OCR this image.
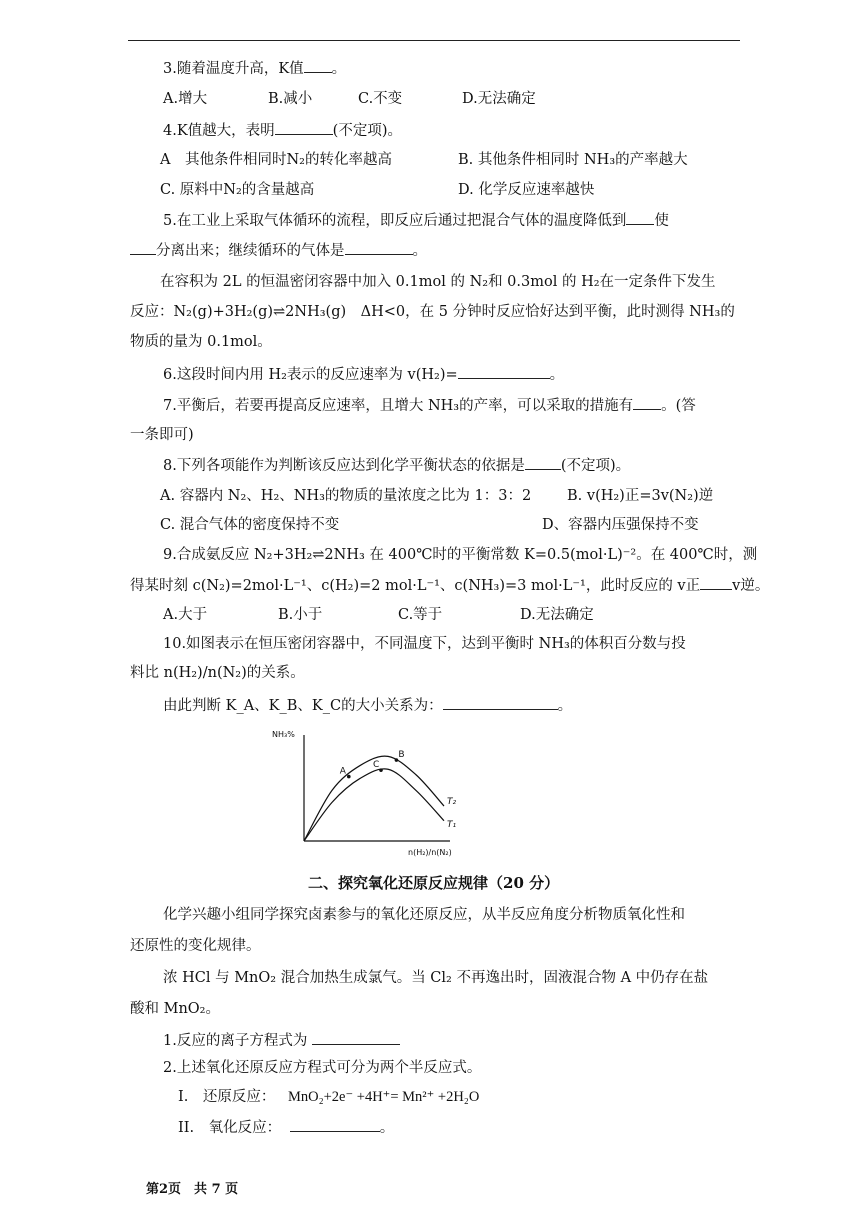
3.随着温度升高，K值 。
A.增大	B.减小	C.不变	D.无法确定
4.K值越大，表明	(不定项)。
A　其他条件相同时N₂的转化率越高	B. 其他条件相同时 NH₃的产率越大
C. 原料中N₂的含量越高	D. 化学反应速率越快
5.在工业上采取气体循环的流程，即反应后通过把混合气体的温度降低到 使
分离出来；继续循环的气体是	。
在容积为 2L 的恒温密闭容器中加入 0.1mol 的 N₂和 0.3mol 的 H₂在一定条件下发生
反应：N₂(g)+3H₂(g)⇌2NH₃(g)　ΔH<0，在 5 分钟时反应恰好达到平衡，此时测得 NH₃的
物质的量为 0.1mol。
6.这段时间内用 H₂表示的反应速率为 v(H₂)=	。
7.平衡后，若要再提高反应速率，且增大 NH₃的产率，可以采取的措施有 。(答
一条即可)
8.下列各项能作为判断该反应达到化学平衡状态的依据是 (不定项)。
A. 容器内 N₂、H₂、NH₃的物质的量浓度之比为 1：3：2 B. v(H₂)正=3v(N₂)逆
C. 混合气体的密度保持不变	D、容器内压强保持不变
9.合成氨反应 N₂+3H₂⇌2NH₃ 在 400℃时的平衡常数 K=0.5(mol·L)⁻²。在 400℃时，测
得某时刻 c(N₂)=2mol·L⁻¹、c(H₂)=2 mol·L⁻¹、c(NH₃)=3 mol·L⁻¹，此时反应的 v正 v逆。
A.大于	B.小于	C.等于	D.无法确定
10.如图表示在恒压密闭容器中，不同温度下，达到平衡时 NH₃的体积百分数与投
料比 n(H₂)/n(N₂)的关系。
由此判断 K_A、K_B、K_C的大小关系为：	。
NH₃%
n(H₂)/n(N₂)
T₂
T₁
A
B
C
二、探究氧化还原反应规律（20 分）
化学兴趣小组同学探究卤素参与的氧化还原反应，从半反应角度分析物质氧化性和
还原性的变化规律。
浓 HCl 与 MnO₂ 混合加热生成氯气。当 Cl₂ 不再逸出时，固液混合物 A 中仍存在盐
酸和 MnO₂。
1.反应的离子方程式为
2.上述氧化还原反应方程式可分为两个半反应式。
I.　还原反应： MnO₂+2e⁻ +4H⁺= Mn²⁺ +2H₂O
II.　氧化反应：	。
第2页　共 7 页
